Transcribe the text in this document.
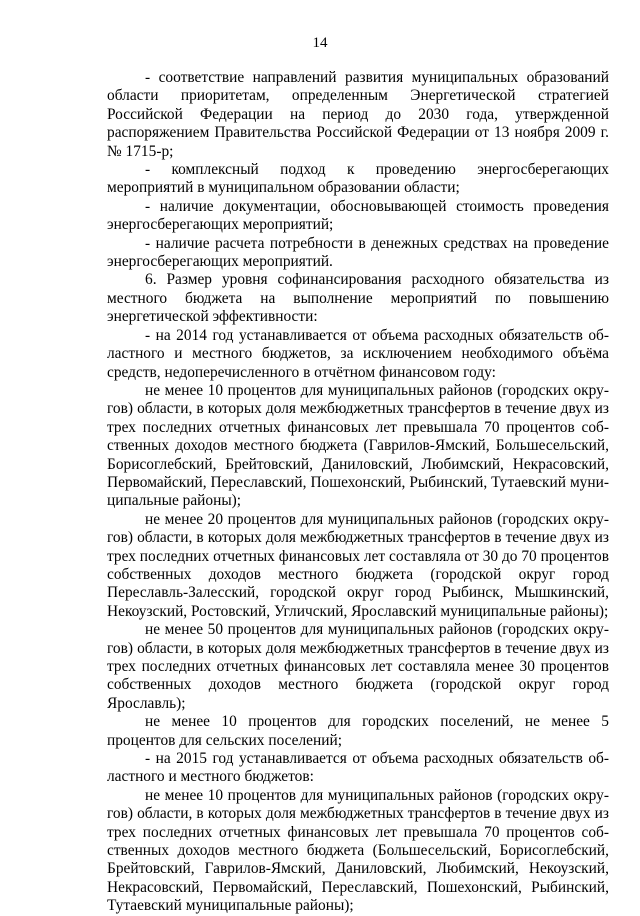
14

- соответствие направлений развития муниципальных образований области приоритетам, определенным Энергетической стратегией Российской Федерации на период до 2030 года, утвержденной распоряжением Правительства Российской Федерации от 13 ноября 2009 г. № 1715-р;

- комплексный подход к проведению энергосберегающих мероприятий в муниципальном образовании области;

- наличие документации, обосновывающей стоимость проведения энергосберегающих мероприятий;

- наличие расчета потребности в денежных средствах на проведение энергосберегающих мероприятий.

6. Размер уровня софинансирования расходного обязательства из местного бюджета на выполнение мероприятий по повышению энергетической эффективности:

- на 2014 год устанавливается от объема расходных обязательств областного и местного бюджетов, за исключением необходимого объёма средств, недоперечисленного в отчётном финансовом году:

не менее 10 процентов для муниципальных районов (городских округов) области, в которых доля межбюджетных трансфертов в течение двух из трех последних отчетных финансовых лет превышала 70 процентов собственных доходов местного бюджета (Гаврилов-Ямский, Большесельский, Борисоглебский, Брейтовский, Даниловский, Любимский, Некрасовский, Первомайский, Переславский, Пошехонский, Рыбинский, Тутаевский муниципальные районы);

не менее 20 процентов для муниципальных районов (городских округов) области, в которых доля межбюджетных трансфертов в течение двух из трех последних отчетных финансовых лет составляла от 30 до 70 процентов собственных доходов местного бюджета (городской округ город Переславль-Залесский, городской округ город Рыбинск, Мышкинский, Некоузский, Ростовский, Угличский, Ярославский муниципальные районы);

не менее 50 процентов для муниципальных районов (городских округов) области, в которых доля межбюджетных трансфертов в течение двух из трех последних отчетных финансовых лет составляла менее 30 процентов собственных доходов местного бюджета (городской округ город Ярославль);

не менее 10 процентов для городских поселений, не менее 5 процентов для сельских поселений;

- на 2015 год устанавливается от объема расходных обязательств областного и местного бюджетов:

не менее 10 процентов для муниципальных районов (городских округов) области, в которых доля межбюджетных трансфертов в течение двух из трех последних отчетных финансовых лет превышала 70 процентов собственных доходов местного бюджета (Большесельский, Борисоглебский, Брейтовский, Гаврилов-Ямский, Даниловский, Любимский, Некоузский, Некрасовский, Первомайский, Переславский, Пошехонский, Рыбинский, Тутаевский муниципальные районы);
